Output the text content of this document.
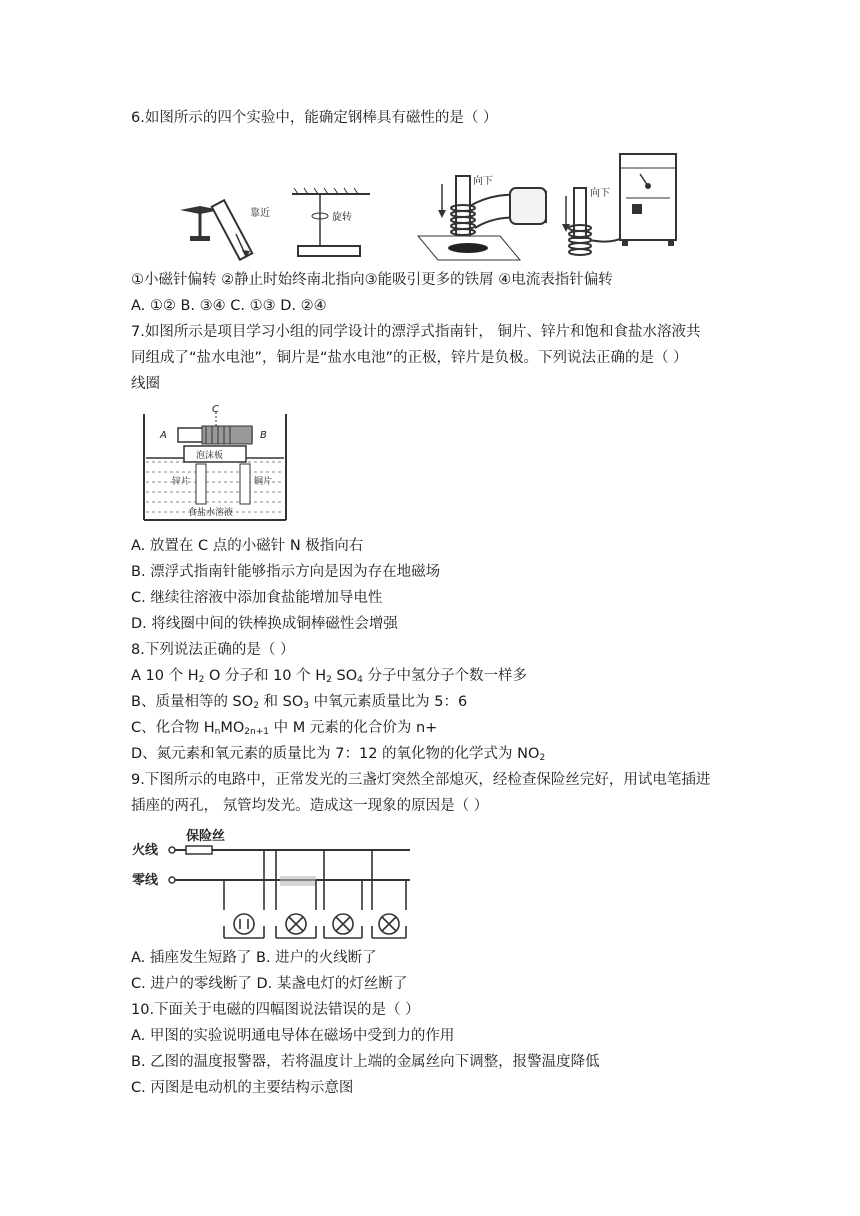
6.如图所示的四个实验中，能确定钢棒具有磁性的是（ ）
靠近	旋转
向下
向下
①小磁针偏转 ②静止时始终南北指向③能吸引更多的铁屑 ④电流表指针偏转
A. ①② B. ③④ C. ①③ D. ②④
7.如图所示是项目学习小组的同学设计的漂浮式指南针， 铜片、锌片和饱和食盐水溶液共
同组成了“盐水电池”，铜片是“盐水电池”的正极，锌片是负极。下列说法正确的是（ ）
线圈
C
A	B
泡沫板
锌片	铜片
食盐水溶液
A. 放置在 C 点的小磁针 N 极指向右
B. 漂浮式指南针能够指示方向是因为存在地磁场
C. 继续往溶液中添加食盐能增加导电性
D. 将线圈中间的铁棒换成铜棒磁性会增强
8.下列说法正确的是（ ）
A 10 个 $H_2$ O 分子和 10 个 $H_2$ $SO_4$ 分子中氢分子个数一样多
B、质量相等的 $SO_2$ 和 $SO_3$ 中氧元素质量比为 5：6
C、化合物 $H_nMO_{2n+1}$ 中 M 元素的化合价为 n+
D、氮元素和氧元素的质量比为 7：12 的氧化物的化学式为 $NO_2$
9.下图所示的电路中，正常发光的三盏灯突然全部熄灭，经检查保险丝完好，用试电笔插进
插座的两孔， 氖管均发光。造成这一现象的原因是（ ）
火线
保险丝
零线
A. 插座发生短路了 B. 进户的火线断了
C. 进户的零线断了 D. 某盏电灯的灯丝断了
10.下面关于电磁的四幅图说法错误的是（ ）
A. 甲图的实验说明通电导体在磁场中受到力的作用
B. 乙图的温度报警器，若将温度计上端的金属丝向下调整，报警温度降低
C. 丙图是电动机的主要结构示意图
